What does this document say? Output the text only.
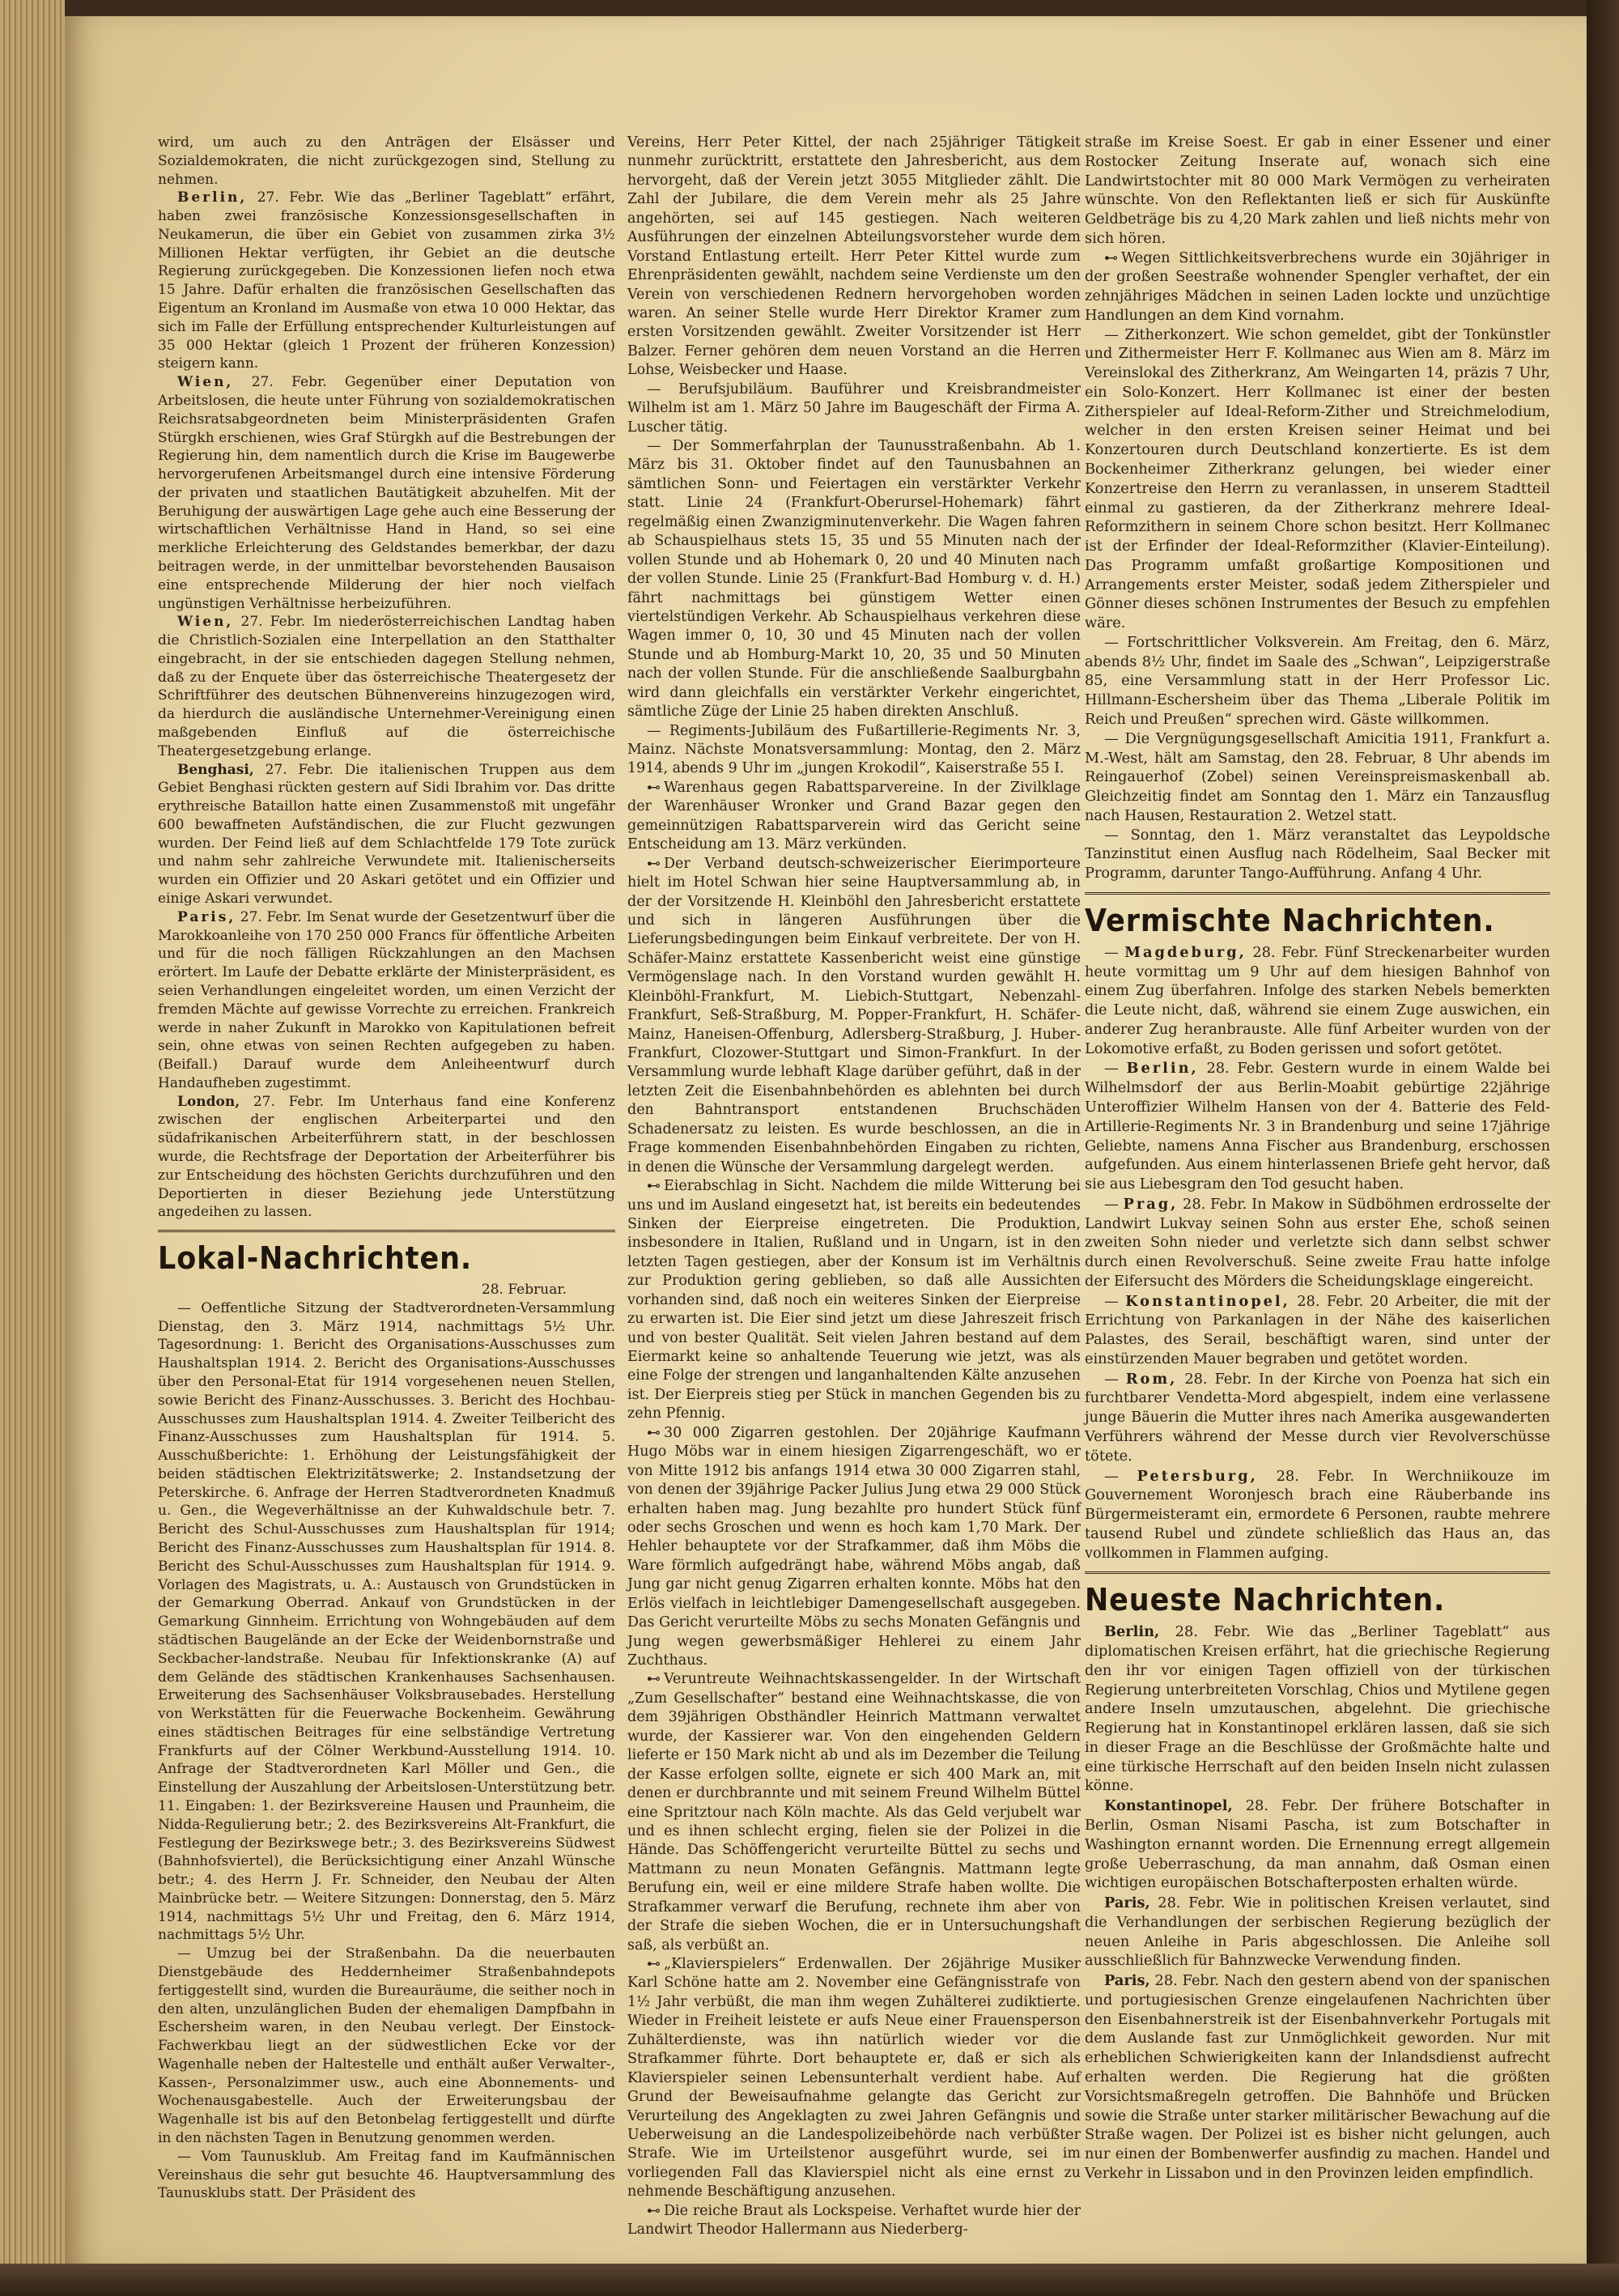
wird, um auch zu den Anträgen der Elsässer und Sozialdemokraten, die nicht zurückgezogen sind, Stellung zu nehmen.

Berlin, 27. Febr. Wie das „Berliner Tageblatt“ erfährt, haben zwei französische Konzessionsgesellschaften in Neukamerun, die über ein Gebiet von zusammen zirka 3½ Millionen Hektar verfügten, ihr Gebiet an die deutsche Regierung zurückgegeben. Die Konzessionen liefen noch etwa 15 Jahre. Dafür erhalten die französischen Gesellschaften das Eigentum an Kronland im Ausmaße von etwa 10 000 Hektar, das sich im Falle der Erfüllung entsprechender Kulturleistungen auf 35 000 Hektar (gleich 1 Prozent der früheren Konzession) steigern kann.

Wien, 27. Febr. Gegenüber einer Deputation von Arbeitslosen, die heute unter Führung von sozialdemokratischen Reichsratsabgeordneten beim Ministerpräsidenten Grafen Stürgkh erschienen, wies Graf Stürgkh auf die Bestrebungen der Regierung hin, dem namentlich durch die Krise im Baugewerbe hervorgerufenen Arbeitsmangel durch eine intensive Förderung der privaten und staatlichen Bautätigkeit abzuhelfen. Mit der Beruhigung der auswärtigen Lage gehe auch eine Besserung der wirtschaftlichen Verhältnisse Hand in Hand, so sei eine merkliche Erleichterung des Geldstandes bemerkbar, der dazu beitragen werde, in der unmittelbar bevorstehenden Bausaison eine entsprechende Milderung der hier noch vielfach ungünstigen Verhältnisse herbeizuführen.

Wien, 27. Febr. Im niederösterreichischen Landtag haben die Christlich-Sozialen eine Interpellation an den Statthalter eingebracht, in der sie entschieden dagegen Stellung nehmen, daß zu der Enquete über das österreichische Theatergesetz der Schriftführer des deutschen Bühnenvereins hinzugezogen wird, da hierdurch die ausländische Unternehmer-Vereinigung einen maßgebenden Einfluß auf die österreichische Theatergesetzgebung erlange.

Benghasi, 27. Febr. Die italienischen Truppen aus dem Gebiet Benghasi rückten gestern auf Sidi Ibrahim vor. Das dritte erythreische Bataillon hatte einen Zusammenstoß mit ungefähr 600 bewaffneten Aufständischen, die zur Flucht gezwungen wurden. Der Feind ließ auf dem Schlachtfelde 179 Tote zurück und nahm sehr zahlreiche Verwundete mit. Italienischerseits wurden ein Offizier und 20 Askari getötet und ein Offizier und einige Askari verwundet.

Paris, 27. Febr. Im Senat wurde der Gesetzentwurf über die Marokkoanleihe von 170 250 000 Francs für öffentliche Arbeiten und für die noch fälligen Rückzahlungen an den Machsen erörtert. Im Laufe der Debatte erklärte der Ministerpräsident, es seien Verhandlungen eingeleitet worden, um einen Verzicht der fremden Mächte auf gewisse Vorrechte zu erreichen. Frankreich werde in naher Zukunft in Marokko von Kapitulationen befreit sein, ohne etwas von seinen Rechten aufgegeben zu haben. (Beifall.) Darauf wurde dem Anleiheentwurf durch Handaufheben zugestimmt.

London, 27. Febr. Im Unterhaus fand eine Konferenz zwischen der englischen Arbeiterpartei und den südafrikanischen Arbeiterführern statt, in der beschlossen wurde, die Rechtsfrage der Deportation der Arbeiterführer bis zur Entscheidung des höchsten Gerichts durchzuführen und den Deportierten in dieser Beziehung jede Unterstützung angedeihen zu lassen.

Lokal-Nachrichten.
28. Februar.

— Oeffentliche Sitzung der Stadtverordneten-Versammlung Dienstag, den 3. März 1914, nachmittags 5½ Uhr. Tagesordnung: 1. Bericht des Organisations-Ausschusses zum Haushaltsplan 1914. 2. Bericht des Organisations-Ausschusses über den Personal-Etat für 1914 vorgesehenen neuen Stellen, sowie Bericht des Finanz-Ausschusses. 3. Bericht des Hochbau-Ausschusses zum Haushaltsplan 1914. 4. Zweiter Teilbericht des Finanz-Ausschusses zum Haushaltsplan für 1914. 5. Ausschußberichte: 1. Erhöhung der Leistungsfähigkeit der beiden städtischen Elektrizitätswerke; 2. Instandsetzung der Peterskirche. 6. Anfrage der Herren Stadtverordneten Knadmuß u. Gen., die Wegeverhältnisse an der Kuhwaldschule betr. 7. Bericht des Schul-Ausschusses zum Haushaltsplan für 1914; Bericht des Finanz-Ausschusses zum Haushaltsplan für 1914. 8. Bericht des Schul-Ausschusses zum Haushaltsplan für 1914. 9. Vorlagen des Magistrats, u. A.: Austausch von Grundstücken in der Gemarkung Oberrad. Ankauf von Grundstücken in der Gemarkung Ginnheim. Errichtung von Wohngebäuden auf dem städtischen Baugelände an der Ecke der Weidenbornstraße und Seckbacher-landstraße. Neubau für Infektionskranke (A) auf dem Gelände des städtischen Krankenhauses Sachsenhausen. Erweiterung des Sachsenhäuser Volksbrausebades. Herstellung von Werkstätten für die Feuerwache Bockenheim. Gewährung eines städtischen Beitrages für eine selbständige Vertretung Frankfurts auf der Cölner Werkbund-Ausstellung 1914. 10. Anfrage der Stadtverordneten Karl Möller und Gen., die Einstellung der Auszahlung der Arbeitslosen-Unterstützung betr. 11. Eingaben: 1. der Bezirksvereine Hausen und Praunheim, die Nidda-Regulierung betr.; 2. des Bezirksvereins Alt-Frankfurt, die Festlegung der Bezirkswege betr.; 3. des Bezirksvereins Südwest (Bahnhofsviertel), die Berücksichtigung einer Anzahl Wünsche betr.; 4. des Herrn J. Fr. Schneider, den Neubau der Alten Mainbrücke betr. — Weitere Sitzungen: Donnerstag, den 5. März 1914, nachmittags 5½ Uhr und Freitag, den 6. März 1914, nachmittags 5½ Uhr.

— Umzug bei der Straßenbahn. Da die neuerbauten Dienstgebäude des Heddernheimer Straßenbahndepots fertiggestellt sind, wurden die Bureauräume, die seither noch in den alten, unzulänglichen Buden der ehemaligen Dampfbahn in Eschersheim waren, in den Neubau verlegt. Der Einstock-Fachwerkbau liegt an der südwestlichen Ecke vor der Wagenhalle neben der Haltestelle und enthält außer Verwalter-, Kassen-, Personalzimmer usw., auch eine Abonnements- und Wochenausgabestelle. Auch der Erweiterungsbau der Wagenhalle ist bis auf den Betonbelag fertiggestellt und dürfte in den nächsten Tagen in Benutzung genommen werden.

— Vom Taunusklub. Am Freitag fand im Kaufmännischen Vereinshaus die sehr gut besuchte 46. Hauptversammlung des Taunusklubs statt. Der Präsident des

Vereins, Herr Peter Kittel, der nach 25jähriger Tätigkeit nunmehr zurücktritt, erstattete den Jahresbericht, aus dem hervorgeht, daß der Verein jetzt 3055 Mitglieder zählt. Die Zahl der Jubilare, die dem Verein mehr als 25 Jahre angehörten, sei auf 145 gestiegen. Nach weiteren Ausführungen der einzelnen Abteilungsvorsteher wurde dem Vorstand Entlastung erteilt. Herr Peter Kittel wurde zum Ehrenpräsidenten gewählt, nachdem seine Verdienste um den Verein von verschiedenen Rednern hervorgehoben worden waren. An seiner Stelle wurde Herr Direktor Kramer zum ersten Vorsitzenden gewählt. Zweiter Vorsitzender ist Herr Balzer. Ferner gehören dem neuen Vorstand an die Herren Lohse, Weisbecker und Haase.

— Berufsjubiläum. Bauführer und Kreisbrandmeister Wilhelm ist am 1. März 50 Jahre im Baugeschäft der Firma A. Luscher tätig.

— Der Sommerfahrplan der Taunusstraßenbahn. Ab 1. März bis 31. Oktober findet auf den Taunusbahnen an sämtlichen Sonn- und Feiertagen ein verstärkter Verkehr statt. Linie 24 (Frankfurt-Oberursel-Hohemark) fährt regelmäßig einen Zwanzigminutenverkehr. Die Wagen fahren ab Schauspielhaus stets 15, 35 und 55 Minuten nach der vollen Stunde und ab Hohemark 0, 20 und 40 Minuten nach der vollen Stunde. Linie 25 (Frankfurt-Bad Homburg v. d. H.) fährt nachmittags bei günstigem Wetter einen viertelstündigen Verkehr. Ab Schauspielhaus verkehren diese Wagen immer 0, 10, 30 und 45 Minuten nach der vollen Stunde und ab Homburg-Markt 10, 20, 35 und 50 Minuten nach der vollen Stunde. Für die anschließende Saalburgbahn wird dann gleichfalls ein verstärkter Verkehr eingerichtet, sämtliche Züge der Linie 25 haben direkten Anschluß.

— Regiments-Jubiläum des Fußartillerie-Regiments Nr. 3, Mainz. Nächste Monatsversammlung: Montag, den 2. März 1914, abends 9 Uhr im „jungen Krokodil“, Kaiserstraße 55 I.

⊷ Warenhaus gegen Rabattsparvereine. In der Zivilklage der Warenhäuser Wronker und Grand Bazar gegen den gemeinnützigen Rabattsparverein wird das Gericht seine Entscheidung am 13. März verkünden.

⊷ Der Verband deutsch-schweizerischer Eierimporteure hielt im Hotel Schwan hier seine Hauptversammlung ab, in der der Vorsitzende H. Kleinböhl den Jahresbericht erstattete und sich in längeren Ausführungen über die Lieferungsbedingungen beim Einkauf verbreitete. Der von H. Schäfer-Mainz erstattete Kassenbericht weist eine günstige Vermögenslage nach. In den Vorstand wurden gewählt H. Kleinböhl-Frankfurt, M. Liebich-Stuttgart, Nebenzahl-Frankfurt, Seß-Straßburg, M. Popper-Frankfurt, H. Schäfer-Mainz, Haneisen-Offenburg, Adlersberg-Straßburg, J. Huber-Frankfurt, Clozower-Stuttgart und Simon-Frankfurt. In der Versammlung wurde lebhaft Klage darüber geführt, daß in der letzten Zeit die Eisenbahnbehörden es ablehnten bei durch den Bahntransport entstandenen Bruchschäden Schadenersatz zu leisten. Es wurde beschlossen, an die in Frage kommenden Eisenbahnbehörden Eingaben zu richten, in denen die Wünsche der Versammlung dargelegt werden.

⊷ Eierabschlag in Sicht. Nachdem die milde Witterung bei uns und im Ausland eingesetzt hat, ist bereits ein bedeutendes Sinken der Eierpreise eingetreten. Die Produktion, insbesondere in Italien, Rußland und in Ungarn, ist in den letzten Tagen gestiegen, aber der Konsum ist im Verhältnis zur Produktion gering geblieben, so daß alle Aussichten vorhanden sind, daß noch ein weiteres Sinken der Eierpreise zu erwarten ist. Die Eier sind jetzt um diese Jahreszeit frisch und von bester Qualität. Seit vielen Jahren bestand auf dem Eiermarkt keine so anhaltende Teuerung wie jetzt, was als eine Folge der strengen und langanhaltenden Kälte anzusehen ist. Der Eierpreis stieg per Stück in manchen Gegenden bis zu zehn Pfennig.

⊷ 30 000 Zigarren gestohlen. Der 20jährige Kaufmann Hugo Möbs war in einem hiesigen Zigarrengeschäft, wo er von Mitte 1912 bis anfangs 1914 etwa 30 000 Zigarren stahl, von denen der 39jährige Packer Julius Jung etwa 29 000 Stück erhalten haben mag. Jung bezahlte pro hundert Stück fünf oder sechs Groschen und wenn es hoch kam 1,70 Mark. Der Hehler behauptete vor der Strafkammer, daß ihm Möbs die Ware förmlich aufgedrängt habe, während Möbs angab, daß Jung gar nicht genug Zigarren erhalten konnte. Möbs hat den Erlös vielfach in leichtlebiger Damengesellschaft ausgegeben. Das Gericht verurteilte Möbs zu sechs Monaten Gefängnis und Jung wegen gewerbsmäßiger Hehlerei zu einem Jahr Zuchthaus.

⊷ Veruntreute Weihnachtskassengelder. In der Wirtschaft „Zum Gesellschafter“ bestand eine Weihnachtskasse, die von dem 39jährigen Obsthändler Heinrich Mattmann verwaltet wurde, der Kassierer war. Von den eingehenden Geldern lieferte er 150 Mark nicht ab und als im Dezember die Teilung der Kasse erfolgen sollte, eignete er sich 400 Mark an, mit denen er durchbrannte und mit seinem Freund Wilhelm Büttel eine Spritztour nach Köln machte. Als das Geld verjubelt war und es ihnen schlecht erging, fielen sie der Polizei in die Hände. Das Schöffengericht verurteilte Büttel zu sechs und Mattmann zu neun Monaten Gefängnis. Mattmann legte Berufung ein, weil er eine mildere Strafe haben wollte. Die Strafkammer verwarf die Berufung, rechnete ihm aber von der Strafe die sieben Wochen, die er in Untersuchungshaft saß, als verbüßt an.

⊷ „Klavierspielers“ Erdenwallen. Der 26jährige Musiker Karl Schöne hatte am 2. November eine Gefängnisstrafe von 1½ Jahr verbüßt, die man ihm wegen Zuhälterei zudiktierte. Wieder in Freiheit leistete er aufs Neue einer Frauensperson Zuhälterdienste, was ihn natürlich wieder vor die Strafkammer führte. Dort behauptete er, daß er sich als Klavierspieler seinen Lebensunterhalt verdient habe. Auf Grund der Beweisaufnahme gelangte das Gericht zur Verurteilung des Angeklagten zu zwei Jahren Gefängnis und Ueberweisung an die Landespolizeibehörde nach verbüßter Strafe. Wie im Urteilstenor ausgeführt wurde, sei im vorliegenden Fall das Klavierspiel nicht als eine ernst zu nehmende Beschäftigung anzusehen.

⊷ Die reiche Braut als Lockspeise. Verhaftet wurde hier der Landwirt Theodor Hallermann aus Niederberg-

straße im Kreise Soest. Er gab in einer Essener und einer Rostocker Zeitung Inserate auf, wonach sich eine Landwirtstochter mit 80 000 Mark Vermögen zu verheiraten wünschte. Von den Reflektanten ließ er sich für Auskünfte Geldbeträge bis zu 4,20 Mark zahlen und ließ nichts mehr von sich hören.

⊷ Wegen Sittlichkeitsverbrechens wurde ein 30jähriger in der großen Seestraße wohnender Spengler verhaftet, der ein zehnjähriges Mädchen in seinen Laden lockte und unzüchtige Handlungen an dem Kind vornahm.

— Zitherkonzert. Wie schon gemeldet, gibt der Tonkünstler und Zithermeister Herr F. Kollmanec aus Wien am 8. März im Vereinslokal des Zitherkranz, Am Weingarten 14, präzis 7 Uhr, ein Solo-Konzert. Herr Kollmanec ist einer der besten Zitherspieler auf Ideal-Reform-Zither und Streichmelodium, welcher in den ersten Kreisen seiner Heimat und bei Konzertouren durch Deutschland konzertierte. Es ist dem Bockenheimer Zitherkranz gelungen, bei wieder einer Konzertreise den Herrn zu veranlassen, in unserem Stadtteil einmal zu gastieren, da der Zitherkranz mehrere Ideal-Reformzithern in seinem Chore schon besitzt. Herr Kollmanec ist der Erfinder der Ideal-Reformzither (Klavier-Einteilung). Das Programm umfaßt großartige Kompositionen und Arrangements erster Meister, sodaß jedem Zitherspieler und Gönner dieses schönen Instrumentes der Besuch zu empfehlen wäre.

— Fortschrittlicher Volksverein. Am Freitag, den 6. März, abends 8½ Uhr, findet im Saale des „Schwan“, Leipzigerstraße 85, eine Versammlung statt in der Herr Professor Lic. Hillmann-Eschersheim über das Thema „Liberale Politik im Reich und Preußen“ sprechen wird. Gäste willkommen.

— Die Vergnügungsgesellschaft Amicitia 1911, Frankfurt a. M.-West, hält am Samstag, den 28. Februar, 8 Uhr abends im Reingauerhof (Zobel) seinen Vereinspreismaskenball ab. Gleichzeitig findet am Sonntag den 1. März ein Tanzausflug nach Hausen, Restauration 2. Wetzel statt.

— Sonntag, den 1. März veranstaltet das Leypoldsche Tanzinstitut einen Ausflug nach Rödelheim, Saal Becker mit Programm, darunter Tango-Aufführung. Anfang 4 Uhr.

Vermischte Nachrichten.

— Magdeburg, 28. Febr. Fünf Streckenarbeiter wurden heute vormittag um 9 Uhr auf dem hiesigen Bahnhof von einem Zug überfahren. Infolge des starken Nebels bemerkten die Leute nicht, daß, während sie einem Zuge auswichen, ein anderer Zug heranbrauste. Alle fünf Arbeiter wurden von der Lokomotive erfaßt, zu Boden gerissen und sofort getötet.

— Berlin, 28. Febr. Gestern wurde in einem Walde bei Wilhelmsdorf der aus Berlin-Moabit gebürtige 22jährige Unteroffizier Wilhelm Hansen von der 4. Batterie des Feld-Artillerie-Regiments Nr. 3 in Brandenburg und seine 17jährige Geliebte, namens Anna Fischer aus Brandenburg, erschossen aufgefunden. Aus einem hinterlassenen Briefe geht hervor, daß sie aus Liebesgram den Tod gesucht haben.

— Prag, 28. Febr. In Makow in Südböhmen erdrosselte der Landwirt Lukvay seinen Sohn aus erster Ehe, schoß seinen zweiten Sohn nieder und verletzte sich dann selbst schwer durch einen Revolverschuß. Seine zweite Frau hatte infolge der Eifersucht des Mörders die Scheidungsklage eingereicht.

— Konstantinopel, 28. Febr. 20 Arbeiter, die mit der Errichtung von Parkanlagen in der Nähe des kaiserlichen Palastes, des Serail, beschäftigt waren, sind unter der einstürzenden Mauer begraben und getötet worden.

— Rom, 28. Febr. In der Kirche von Poenza hat sich ein furchtbarer Vendetta-Mord abgespielt, indem eine verlassene junge Bäuerin die Mutter ihres nach Amerika ausgewanderten Verführers während der Messe durch vier Revolverschüsse tötete.

— Petersburg, 28. Febr. In Werchniikouze im Gouvernement Woronjesch brach eine Räuberbande ins Bürgermeisteramt ein, ermordete 6 Personen, raubte mehrere tausend Rubel und zündete schließlich das Haus an, das vollkommen in Flammen aufging.

Neueste Nachrichten.

Berlin, 28. Febr. Wie das „Berliner Tageblatt“ aus diplomatischen Kreisen erfährt, hat die griechische Regierung den ihr vor einigen Tagen offiziell von der türkischen Regierung unterbreiteten Vorschlag, Chios und Mytilene gegen andere Inseln umzutauschen, abgelehnt. Die griechische Regierung hat in Konstantinopel erklären lassen, daß sie sich in dieser Frage an die Beschlüsse der Großmächte halte und eine türkische Herrschaft auf den beiden Inseln nicht zulassen könne.

Konstantinopel, 28. Febr. Der frühere Botschafter in Berlin, Osman Nisami Pascha, ist zum Botschafter in Washington ernannt worden. Die Ernennung erregt allgemein große Ueberraschung, da man annahm, daß Osman einen wichtigen europäischen Botschafterposten erhalten würde.

Paris, 28. Febr. Wie in politischen Kreisen verlautet, sind die Verhandlungen der serbischen Regierung bezüglich der neuen Anleihe in Paris abgeschlossen. Die Anleihe soll ausschließlich für Bahnzwecke Verwendung finden.

Paris, 28. Febr. Nach den gestern abend von der spanischen und portugiesischen Grenze eingelaufenen Nachrichten über den Eisenbahnerstreik ist der Eisenbahnverkehr Portugals mit dem Auslande fast zur Unmöglichkeit geworden. Nur mit erheblichen Schwierigkeiten kann der Inlandsdienst aufrecht erhalten werden. Die Regierung hat die größten Vorsichtsmaßregeln getroffen. Die Bahnhöfe und Brücken sowie die Straße unter starker militärischer Bewachung auf die Straße wagen. Der Polizei ist es bisher nicht gelungen, auch nur einen der Bombenwerfer ausfindig zu machen. Handel und Verkehr in Lissabon und in den Provinzen leiden empfindlich.
